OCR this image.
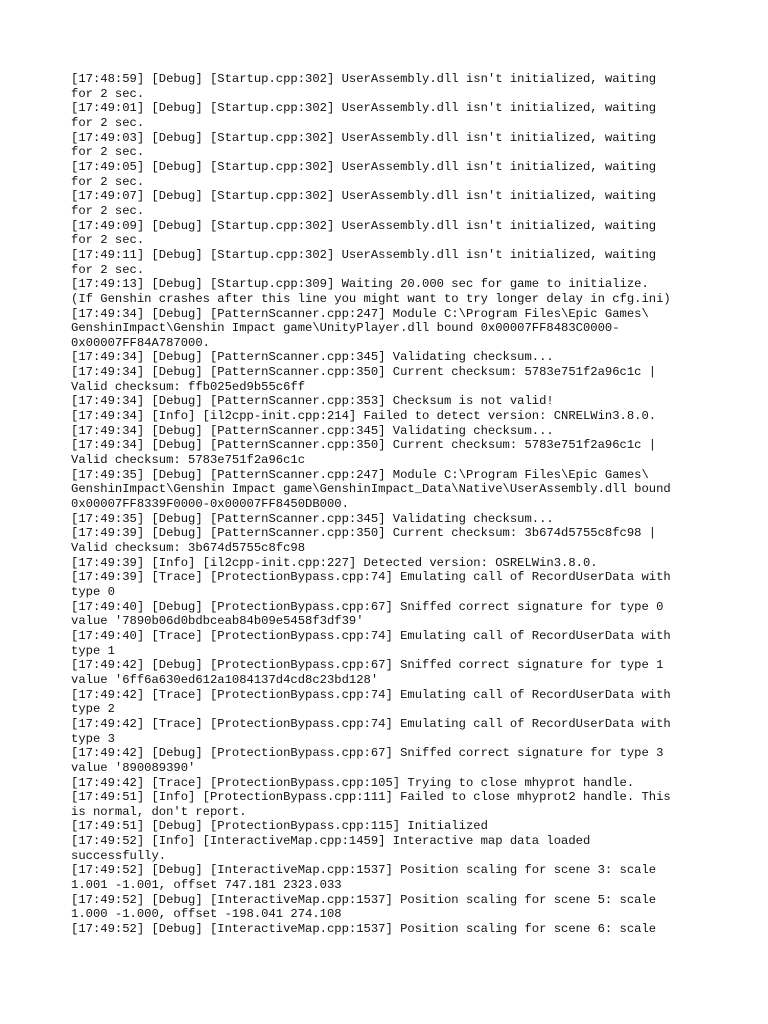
[17:48:59] [Debug] [Startup.cpp:302] UserAssembly.dll isn't initialized, waiting
for 2 sec.
[17:49:01] [Debug] [Startup.cpp:302] UserAssembly.dll isn't initialized, waiting
for 2 sec.
[17:49:03] [Debug] [Startup.cpp:302] UserAssembly.dll isn't initialized, waiting
for 2 sec.
[17:49:05] [Debug] [Startup.cpp:302] UserAssembly.dll isn't initialized, waiting
for 2 sec.
[17:49:07] [Debug] [Startup.cpp:302] UserAssembly.dll isn't initialized, waiting
for 2 sec.
[17:49:09] [Debug] [Startup.cpp:302] UserAssembly.dll isn't initialized, waiting
for 2 sec.
[17:49:11] [Debug] [Startup.cpp:302] UserAssembly.dll isn't initialized, waiting
for 2 sec.
[17:49:13] [Debug] [Startup.cpp:309] Waiting 20.000 sec for game to initialize.
(If Genshin crashes after this line you might want to try longer delay in cfg.ini)
[17:49:34] [Debug] [PatternScanner.cpp:247] Module C:\Program Files\Epic Games\
GenshinImpact\Genshin Impact game\UnityPlayer.dll bound 0x00007FF8483C0000-
0x00007FF84A787000.
[17:49:34] [Debug] [PatternScanner.cpp:345] Validating checksum...
[17:49:34] [Debug] [PatternScanner.cpp:350] Current checksum: 5783e751f2a96c1c |
Valid checksum: ffb025ed9b55c6ff
[17:49:34] [Debug] [PatternScanner.cpp:353] Checksum is not valid!
[17:49:34] [Info] [il2cpp-init.cpp:214] Failed to detect version: CNRELWin3.8.0.
[17:49:34] [Debug] [PatternScanner.cpp:345] Validating checksum...
[17:49:34] [Debug] [PatternScanner.cpp:350] Current checksum: 5783e751f2a96c1c |
Valid checksum: 5783e751f2a96c1c
[17:49:35] [Debug] [PatternScanner.cpp:247] Module C:\Program Files\Epic Games\
GenshinImpact\Genshin Impact game\GenshinImpact_Data\Native\UserAssembly.dll bound
0x00007FF8339F0000-0x00007FF8450DB000.
[17:49:35] [Debug] [PatternScanner.cpp:345] Validating checksum...
[17:49:39] [Debug] [PatternScanner.cpp:350] Current checksum: 3b674d5755c8fc98 |
Valid checksum: 3b674d5755c8fc98
[17:49:39] [Info] [il2cpp-init.cpp:227] Detected version: OSRELWin3.8.0.
[17:49:39] [Trace] [ProtectionBypass.cpp:74] Emulating call of RecordUserData with
type 0
[17:49:40] [Debug] [ProtectionBypass.cpp:67] Sniffed correct signature for type 0
value '7890b06d0bdbceab84b09e5458f3df39'
[17:49:40] [Trace] [ProtectionBypass.cpp:74] Emulating call of RecordUserData with
type 1
[17:49:42] [Debug] [ProtectionBypass.cpp:67] Sniffed correct signature for type 1
value '6ff6a630ed612a1084137d4cd8c23bd128'
[17:49:42] [Trace] [ProtectionBypass.cpp:74] Emulating call of RecordUserData with
type 2
[17:49:42] [Trace] [ProtectionBypass.cpp:74] Emulating call of RecordUserData with
type 3
[17:49:42] [Debug] [ProtectionBypass.cpp:67] Sniffed correct signature for type 3
value '890089390'
[17:49:42] [Trace] [ProtectionBypass.cpp:105] Trying to close mhyprot handle.
[17:49:51] [Info] [ProtectionBypass.cpp:111] Failed to close mhyprot2 handle. This
is normal, don't report.
[17:49:51] [Debug] [ProtectionBypass.cpp:115] Initialized
[17:49:52] [Info] [InteractiveMap.cpp:1459] Interactive map data loaded
successfully.
[17:49:52] [Debug] [InteractiveMap.cpp:1537] Position scaling for scene 3: scale
1.001 -1.001, offset 747.181 2323.033
[17:49:52] [Debug] [InteractiveMap.cpp:1537] Position scaling for scene 5: scale
1.000 -1.000, offset -198.041 274.108
[17:49:52] [Debug] [InteractiveMap.cpp:1537] Position scaling for scene 6: scale
